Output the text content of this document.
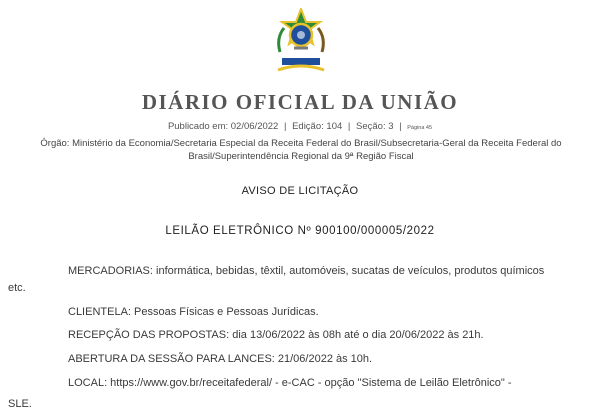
DIÁRIO OFICIAL DA UNIÃO
Publicado em: 02/06/2022 | Edição: 104 | Seção: 3 | Página 45
Órgão: Ministério da Economia/Secretaria Especial da Receita Federal do Brasil/Subsecretaria-Geral da Receita Federal do Brasil/Superintendência Regional da 9ª Região Fiscal
AVISO DE LICITAÇÃO
LEILÃO ELETRÔNICO Nº 900100/000005/2022
MERCADORIAS: informática, bebidas, têxtil, automóveis, sucatas de veículos, produtos químicos
etc.
CLIENTELA: Pessoas Físicas e Pessoas Jurídicas.
RECEPÇÃO DAS PROPOSTAS: dia 13/06/2022 às 08h até o dia 20/06/2022 às 21h.
ABERTURA DA SESSÃO PARA LANCES: 21/06/2022 às 10h.
LOCAL: https://www.gov.br/receitafederal/ - e-CAC - opção "Sistema de Leilão Eletrônico" -
SLE.
